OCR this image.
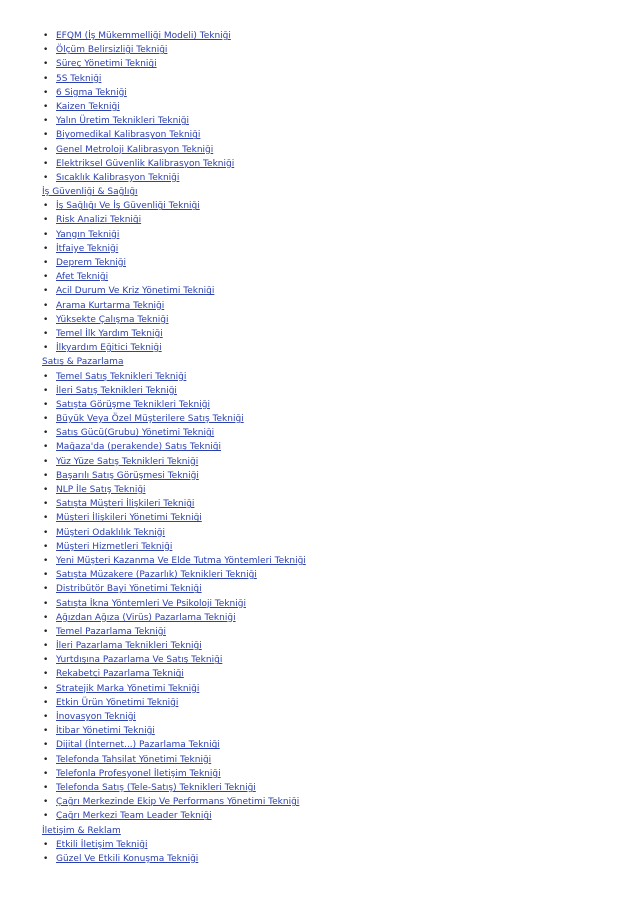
• EFQM (İş Mükemmelliği Modeli) Tekniği
• Ölçüm Belirsizliği Tekniği
• Süreç Yönetimi Tekniği
• 5S Tekniği
• 6 Sigma Tekniği
• Kaizen Tekniği
• Yalın Üretim Teknikleri Tekniği
• Biyomedikal Kalibrasyon Tekniği
• Genel Metroloji Kalibrasyon Tekniği
• Elektriksel Güvenlik Kalibrasyon Tekniği
• Sıcaklık Kalibrasyon Tekniği
İş Güvenliği & Sağlığı
• İş Sağlığı Ve İş Güvenliği Tekniği
• Risk Analizi Tekniği
• Yangın Tekniği
• İtfaiye Tekniği
• Deprem Tekniği
• Afet Tekniği
• Acil Durum Ve Kriz Yönetimi Tekniği
• Arama Kurtarma Tekniği
• Yüksekte Çalışma Tekniği
• Temel İlk Yardım Tekniği
• İlkyardım Eğitici Tekniği
Satış & Pazarlama
• Temel Satış Teknikleri Tekniği
• İleri Satış Teknikleri Tekniği
• Satışta Görüşme Teknikleri Tekniği
• Büyük Veya Özel Müşterilere Satış Tekniği
• Satış Gücü(Grubu) Yönetimi Tekniği
• Mağaza'da (perakende) Satış Tekniği
• Yüz Yüze Satış Teknikleri Tekniği
• Başarılı Satış Görüşmesi Tekniği
• NLP İle Satış Tekniği
• Satışta Müşteri İlişkileri Tekniği
• Müşteri İlişkileri Yönetimi Tekniği
• Müşteri Odaklılık Tekniği
• Müşteri Hizmetleri Tekniği
• Yeni Müşteri Kazanma Ve Elde Tutma Yöntemleri Tekniği
• Satışta Müzakere (Pazarlık) Teknikleri Tekniği
• Distribütör Bayi Yönetimi Tekniği
• Satışta İkna Yöntemleri Ve Psikoloji Tekniği
• Ağızdan Ağıza (Virüs) Pazarlama Tekniği
• Temel Pazarlama Tekniği
• İleri Pazarlama Teknikleri Tekniği
• Yurtdışına Pazarlama Ve Satış Tekniği
• Rekabetçi Pazarlama Tekniği
• Stratejik Marka Yönetimi Tekniği
• Etkin Ürün Yönetimi Tekniği
• İnovasyon Tekniği
• İtibar Yönetimi Tekniği
• Dijital (İnternet...) Pazarlama Tekniği
• Telefonda Tahsilat Yönetimi Tekniği
• Telefonla Profesyonel İletişim Tekniği
• Telefonda Satış (Tele-Satış) Teknikleri Tekniği
• Çağrı Merkezinde Ekip Ve Performans Yönetimi Tekniği
• Çağrı Merkezi Team Leader Tekniği
İletişim & Reklam
• Etkili İletişim Tekniği
• Güzel Ve Etkili Konuşma Tekniği
